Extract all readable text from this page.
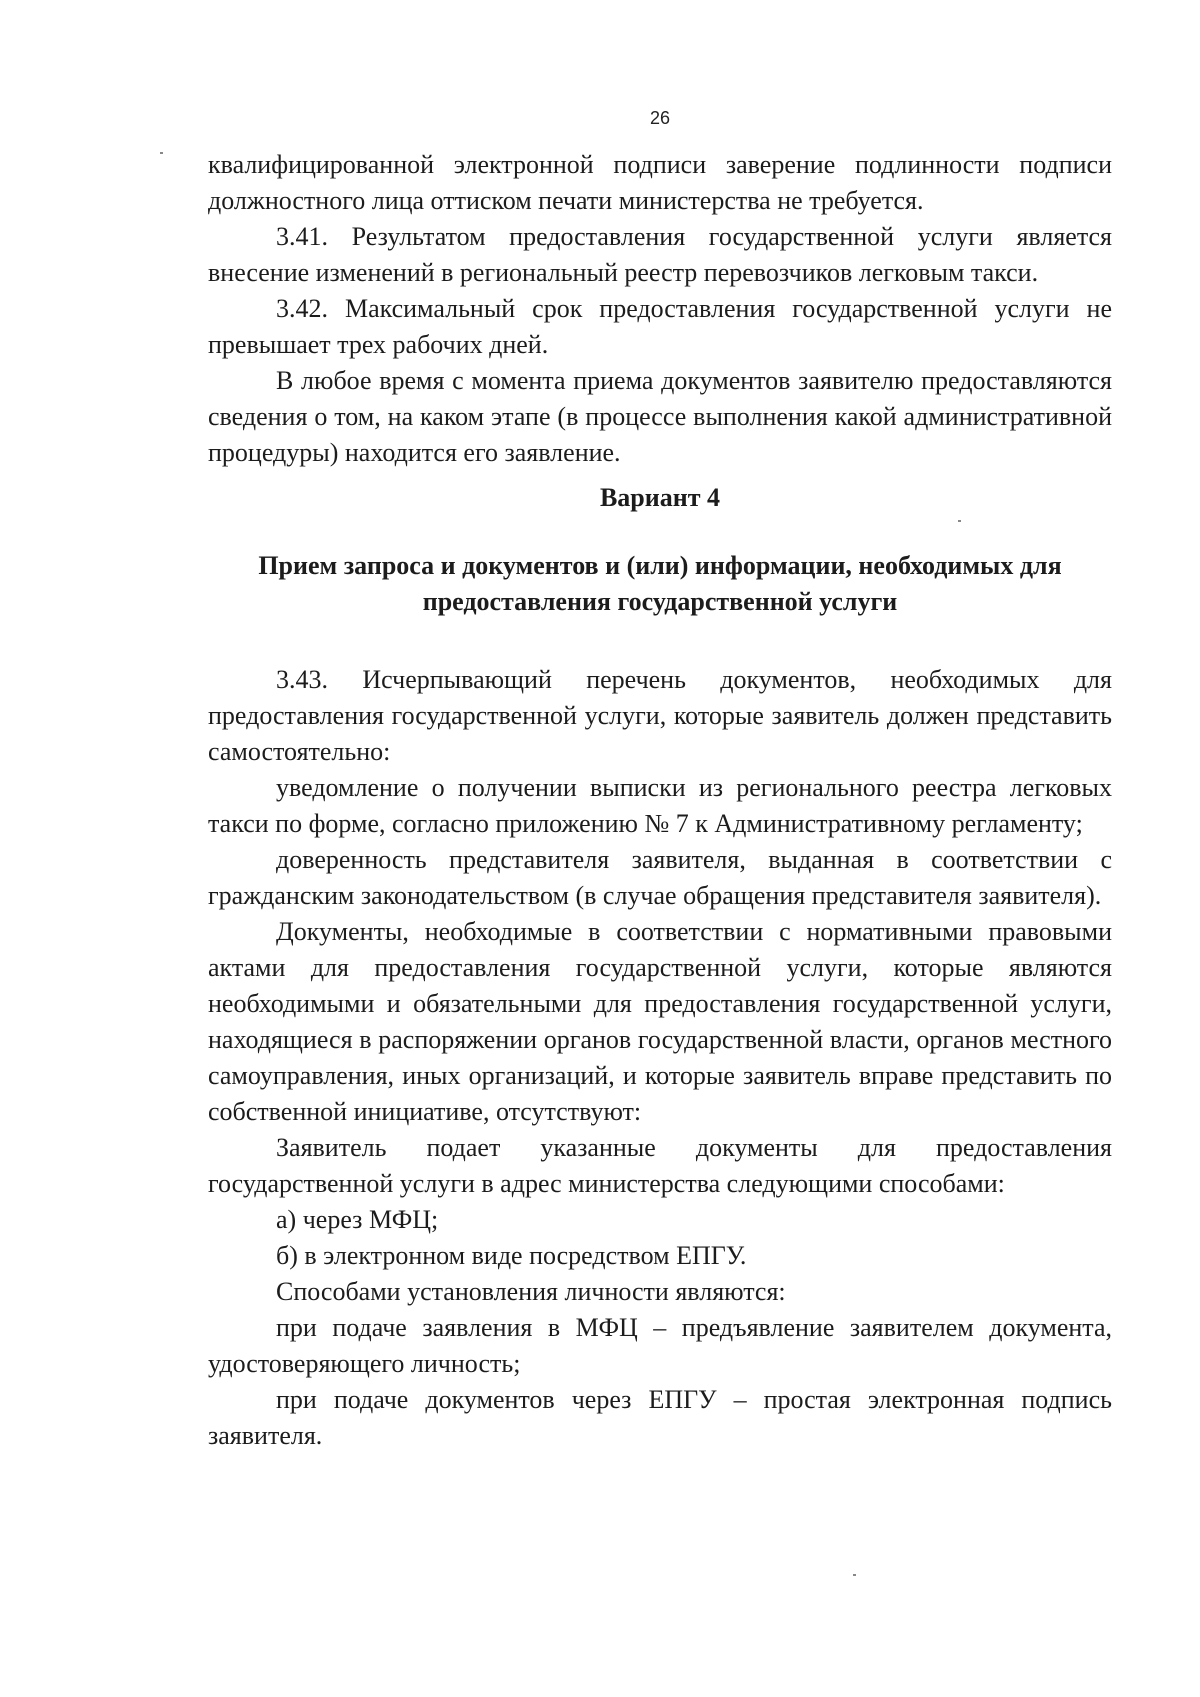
26

квалифицированной электронной подписи заверение подлинности подписи должностного лица оттиском печати министерства не требуется.

3.41. Результатом предоставления государственной услуги является внесение изменений в региональный реестр перевозчиков легковым такси.

3.42. Максимальный срок предоставления государственной услуги не превышает трех рабочих дней.

В любое время с момента приема документов заявителю предоставляются сведения о том, на каком этапе (в процессе выполнения какой административной процедуры) находится его заявление.

Вариант 4

Прием запроса и документов и (или) информации, необходимых для

предоставления государственной услуги

3.43. Исчерпывающий перечень документов, необходимых для предоставления государственной услуги, которые заявитель должен представить самостоятельно:

уведомление о получении выписки из регионального реестра легковых такси по форме, согласно приложению № 7 к Административному регламенту;

доверенность представителя заявителя, выданная в соответствии с гражданским законодательством (в случае обращения представителя заявителя).

Документы, необходимые в соответствии с нормативными правовыми актами для предоставления государственной услуги, которые являются необходимыми и обязательными для предоставления государственной услуги, находящиеся в распоряжении органов государственной власти, органов местного самоуправления, иных организаций, и которые заявитель вправе представить по собственной инициативе, отсутствуют:

Заявитель подает указанные документы для предоставления государственной услуги в адрес министерства следующими способами:

а) через МФЦ;

б) в электронном виде посредством ЕПГУ.

Способами установления личности являются:

при подаче заявления в МФЦ – предъявление заявителем документа, удостоверяющего личность;

при подаче документов через ЕПГУ – простая электронная подпись заявителя.
